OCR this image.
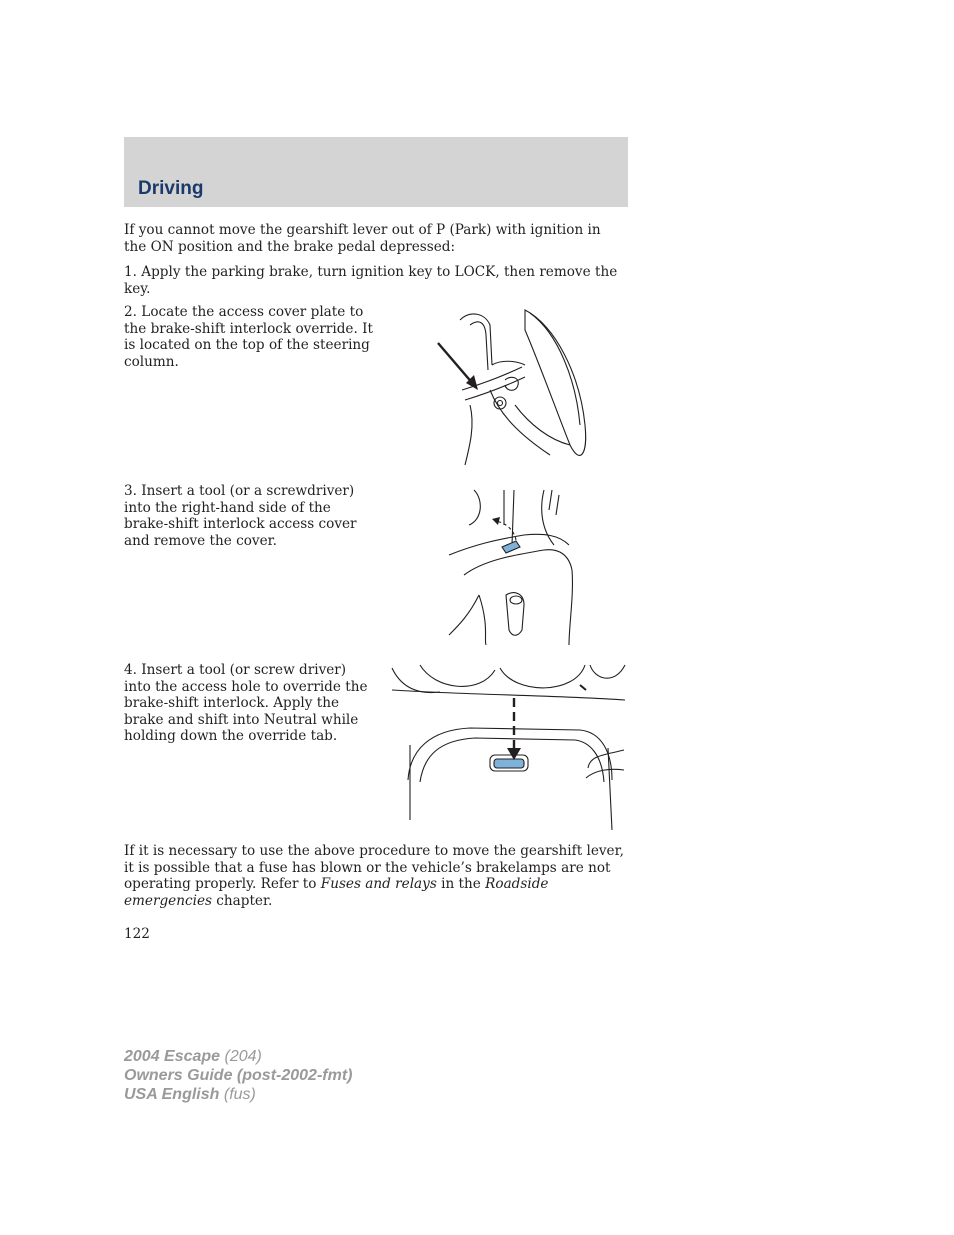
Driving

If you cannot move the gearshift lever out of P (Park) with ignition in the ON position and the brake pedal depressed:

1. Apply the parking brake, turn ignition key to LOCK, then remove the key.

2. Locate the access cover plate to the brake-shift interlock override. It is located on the top of the steering column.

3. Insert a tool (or a screwdriver) into the right-hand side of the brake-shift interlock access cover and remove the cover.

4. Insert a tool (or screw driver) into the access hole to override the brake-shift interlock. Apply the brake and shift into Neutral while holding down the override tab.

If it is necessary to use the above procedure to move the gearshift lever, it is possible that a fuse has blown or the vehicle’s brakelamps are not operating properly. Refer to Fuses and relays in the Roadside emergencies chapter.

122
2004 Escape (204)
Owners Guide (post-2002-fmt)
USA English (fus)
